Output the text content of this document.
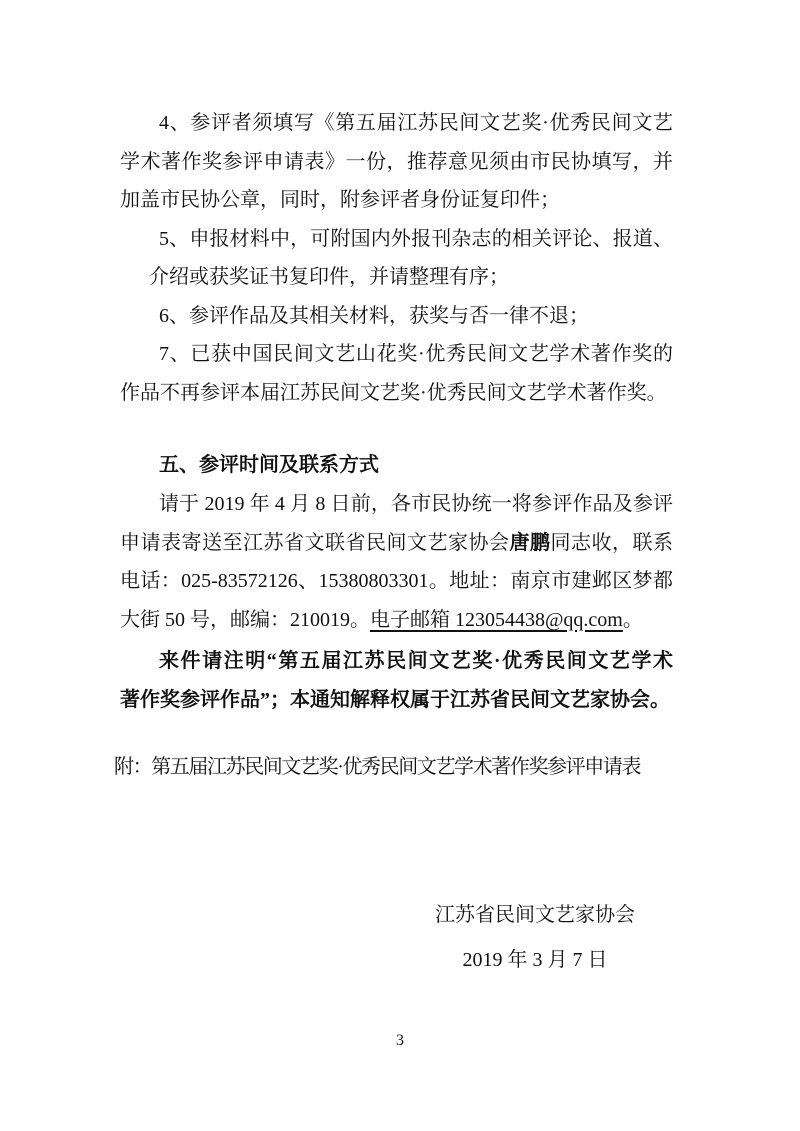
4、参评者须填写《第五届江苏民间文艺奖·优秀民间文艺
学术著作奖参评申请表》一份，推荐意见须由市民协填写，并
加盖市民协公章，同时，附参评者身份证复印件；
5、申报材料中，可附国内外报刊杂志的相关评论、报道、
介绍或获奖证书复印件，并请整理有序；
6、参评作品及其相关材料，获奖与否一律不退；
7、已获中国民间文艺山花奖·优秀民间文艺学术著作奖的
作品不再参评本届江苏民间文艺奖·优秀民间文艺学术著作奖。
五、参评时间及联系方式
请于 2019 年 4 月 8 日前，各市民协统一将参评作品及参评
申请表寄送至江苏省文联省民间文艺家协会唐鹏同志收，联系
电话：025-83572126、15380803301。地址：南京市建邺区梦都
大街 50 号，邮编：210019。电子邮箱 123054438@qq.com。
来件请注明“第五届江苏民间文艺奖·优秀民间文艺学术
著作奖参评作品”；本通知解释权属于江苏省民间文艺家协会。
附：第五届江苏民间文艺奖·优秀民间文艺学术著作奖参评申请表
江苏省民间文艺家协会
2019 年 3 月 7 日
3
